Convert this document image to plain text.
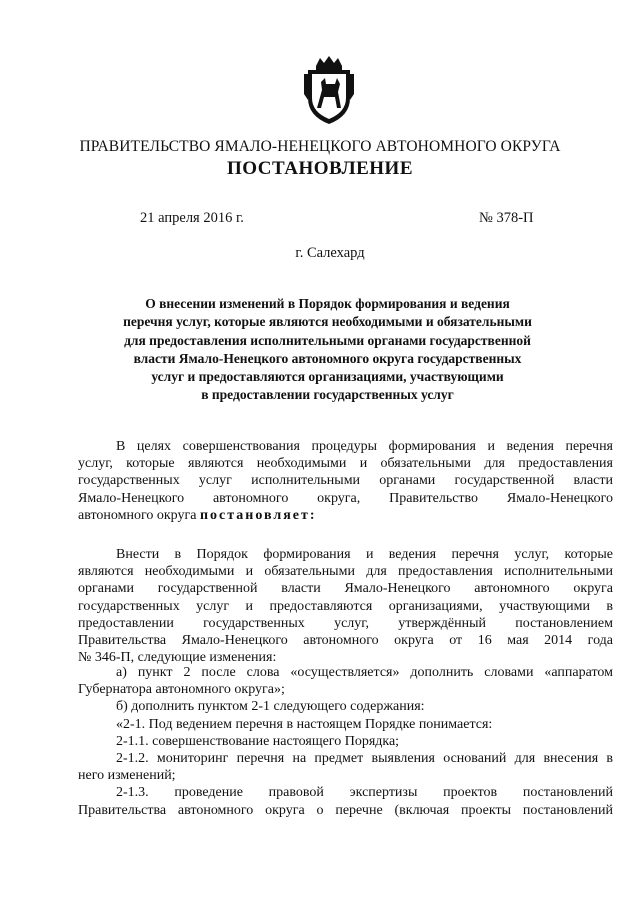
ПРАВИТЕЛЬСТВО ЯМАЛО-НЕНЕЦКОГО АВТОНОМНОГО ОКРУГА
ПОСТАНОВЛЕНИЕ
21 апреля 2016 г.	№ 378-П
г. Салехард
О внесении изменений в Порядок формирования и ведения
перечня услуг, которые являются необходимыми и обязательными
для предоставления исполнительными органами государственной
власти Ямало-Ненецкого автономного округа государственных
услуг и предоставляются организациями, участвующими
в предоставлении государственных услуг
В целях совершенствования процедуры формирования и ведения перечня
услуг, которые являются необходимыми и обязательными для предоставления
государственных услуг исполнительными органами государственной власти
Ямало-Ненецкого автономного округа, Правительство Ямало-Ненецкого
автономного округа постановляет:
Внести в Порядок формирования и ведения перечня услуг, которые
являются необходимыми и обязательными для предоставления исполнительными
органами государственной власти Ямало-Ненецкого автономного округа
государственных услуг и предоставляются организациями, участвующими в
предоставлении государственных услуг, утверждённый постановлением
Правительства Ямало-Ненецкого автономного округа от 16 мая 2014 года
№ 346-П, следующие изменения:
а) пункт 2 после слова «осуществляется» дополнить словами «аппаратом
Губернатора автономного округа»;
б) дополнить пунктом 2-1 следующего содержания:
«2-1. Под ведением перечня в настоящем Порядке понимается:
2-1.1. совершенствование настоящего Порядка;
2-1.2. мониторинг перечня на предмет выявления оснований для внесения в
него изменений;
2-1.3. проведение правовой экспертизы проектов постановлений
Правительства автономного округа о перечне (включая проекты постановлений
